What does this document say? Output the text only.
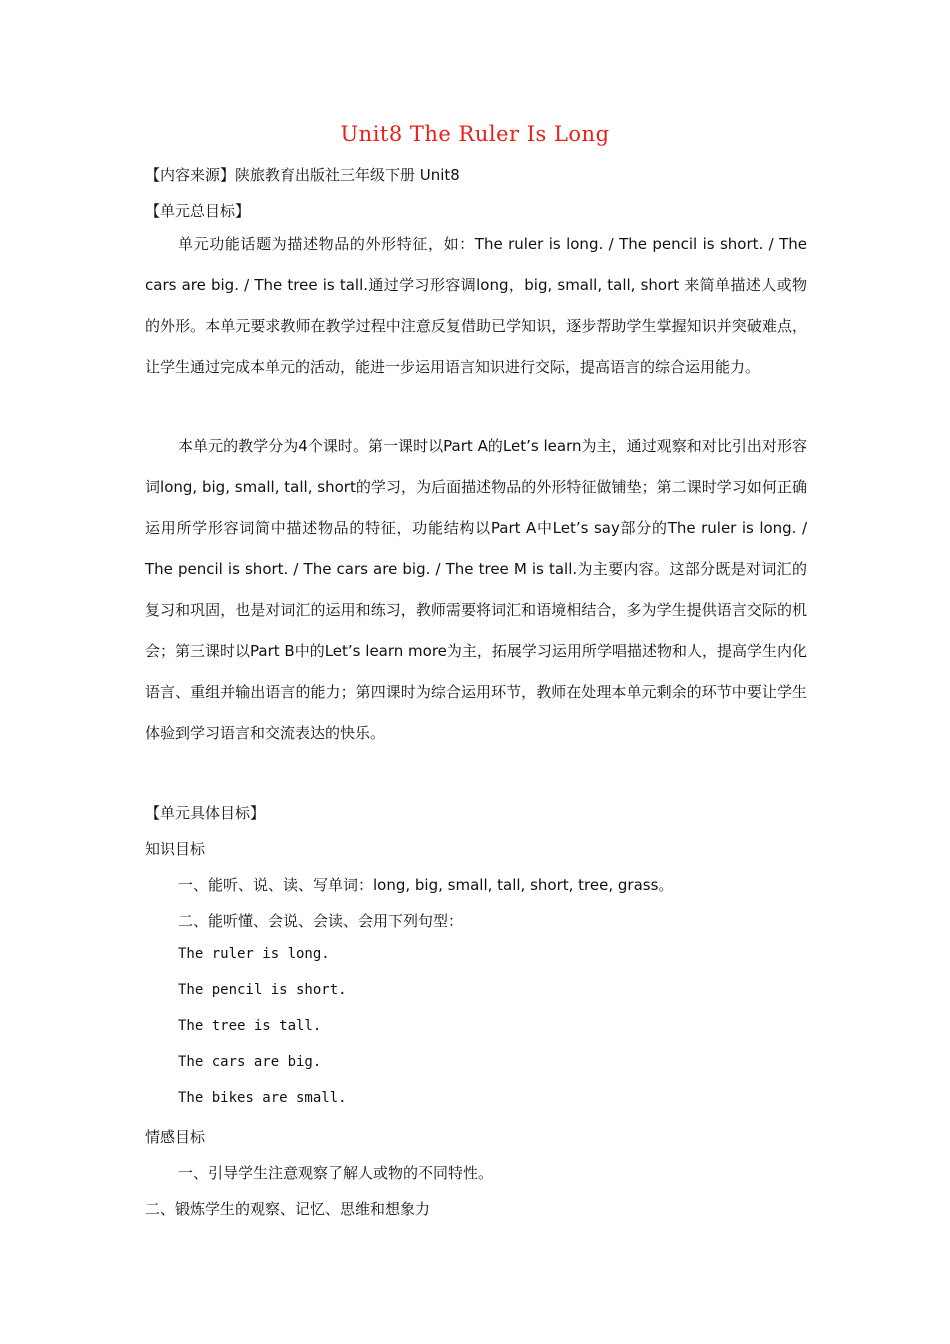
Unit8 The Ruler Is Long
【内容来源】陕旅教育出版社三年级下册 Unit8
【单元总目标】

单元功能话题为描述物品的外形特征，如：The ruler is long. / The pencil is short. / The cars are big. / The tree is tall.通过学习形容调long，big, small, tall, short 来简单描述人或物的外形。本单元要求教师在教学过程中注意反复借助已学知识，逐步帮助学生掌握知识并突破难点，让学生通过完成本单元的活动，能进一步运用语言知识进行交际，提高语言的综合运用能力。

本单元的教学分为4个课时。第一课时以Part A的Let’s learn为主，通过观察和对比引出对形容词long, big, small, tall, short的学习，为后面描述物品的外形特征做铺垫；第二课时学习如何正确运用所学形容词简中描述物品的特征，功能结构以Part A中Let’s say部分的The ruler is long. / The pencil is short. / The cars are big. / The tree M is tall.为主要内容。这部分既是对词汇的复习和巩固，也是对词汇的运用和练习，教师需要将词汇和语境相结合，多为学生提供语言交际的机会；第三课时以Part B中的Let’s learn more为主，拓展学习运用所学唱描述物和人，提高学生内化语言、重组并输出语言的能力；第四课时为综合运用环节，教师在处理本单元剩余的环节中要让学生体验到学习语言和交流表达的快乐。

【单元具体目标】
知识目标
一、能听、说、读、写单词：long, big, small, tall, short, tree, grass。
二、能听懂、会说、会读、会用下列句型：
The ruler is long.
The pencil is short.
The tree is tall.
The cars are big.
The bikes are small.
情感目标
一、引导学生注意观察了解人或物的不同特性。
二、锻炼学生的观察、记忆、思维和想象力
